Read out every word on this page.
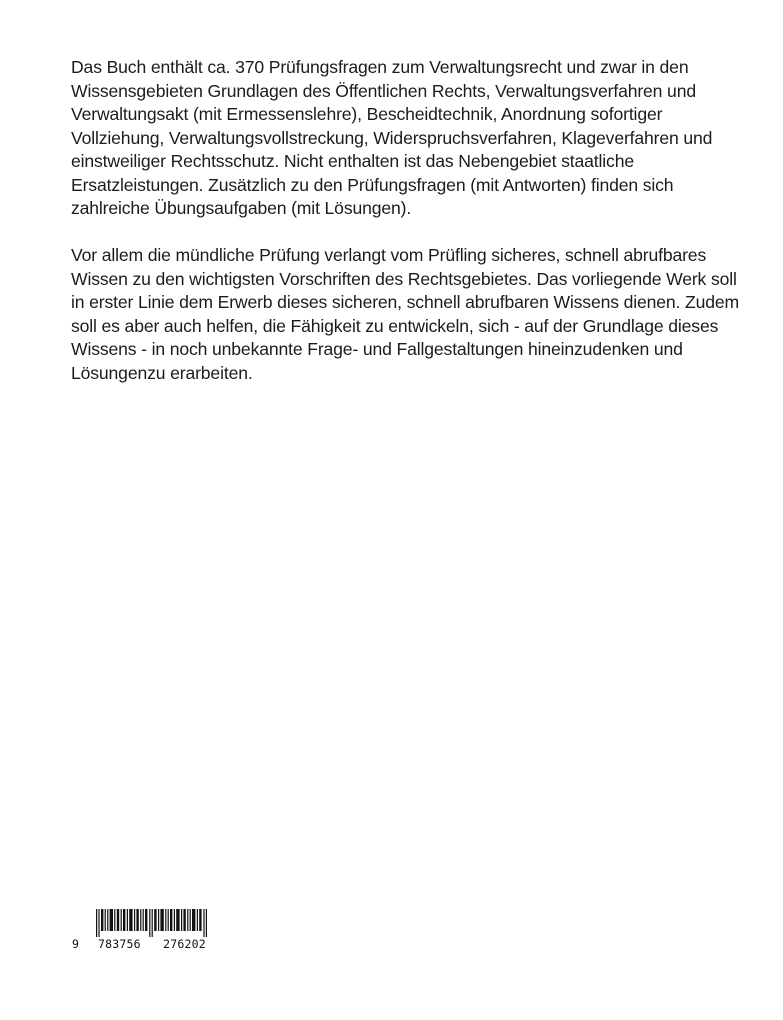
Das Buch enthält ca. 370 Prüfungsfragen zum Verwaltungsrecht und zwar in den Wissensgebieten Grundlagen des Öffentlichen Rechts, Verwaltungsverfahren und Verwaltungsakt (mit Ermessenslehre), Bescheidtechnik, Anordnung sofortiger Vollziehung, Verwaltungsvollstreckung, Widerspruchsverfahren, Klageverfahren und einstweiliger Rechtsschutz. Nicht enthalten ist das Nebengebiet staatliche Ersatzleistungen. Zusätzlich zu den Prüfungsfragen (mit Antworten) finden sich zahlreiche Übungsaufgaben (mit Lösungen).

Vor allem die mündliche Prüfung verlangt vom Prüfling sicheres, schnell abrufbares Wissen zu den wichtigsten Vorschriften des Rechtsgebietes. Das vorliegende Werk soll in erster Linie dem Erwerb dieses sicheren, schnell abrufbaren Wissens dienen. Zudem soll es aber auch helfen, die Fähigkeit zu entwickeln, sich - auf der Grundlage dieses Wissens - in noch unbekannte Frage- und Fallgestaltungen hineinzudenken und Lösungenzu erarbeiten.

9 783756 276202
